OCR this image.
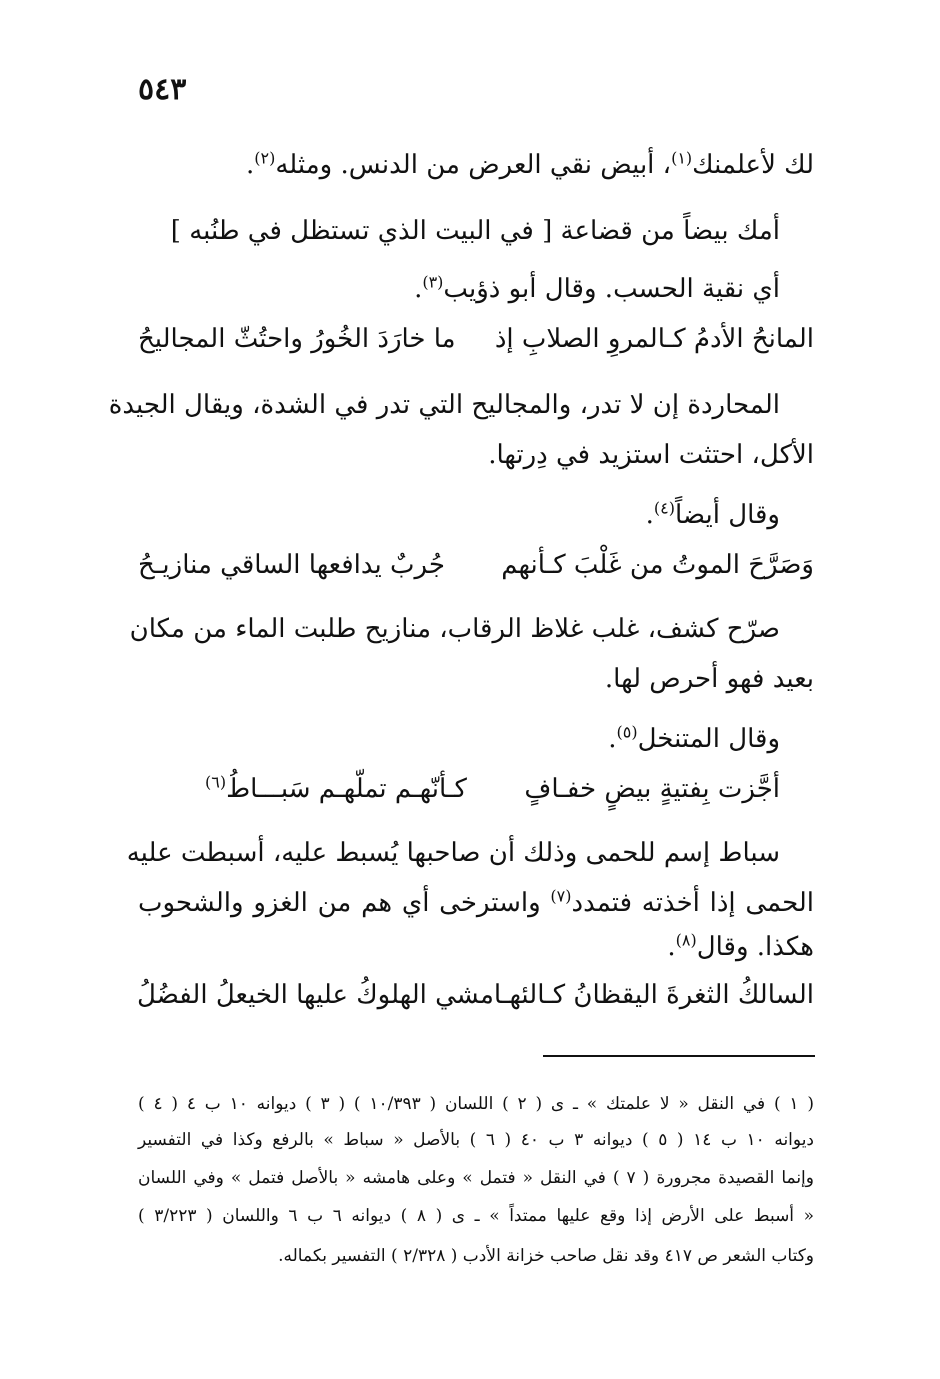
٥٤٣
لك لأعلمنك$^{(١)}$، أبيض نقي العرض من الدنس. ومثله$^{(٢)}$.
أمك بيضاً من قضاعة [ في البيت الذي تستظل في طنُبه ]
أي نقية الحسب. وقال أبو ذؤيب$^{(٣)}$.
المانحُ الأدمُ كـالمروِ الصلابِ إذ
ما خارَدَ الخُورُ واحتُثّ المجاليحُ
المحاردة إن لا تدر، والمجاليح التي تدر في الشدة، ويقال الجيدة
الأكل، احتثت استزيد في دِرتها.
وقال أيضاً$^{(٤)}$.
وَصَرَّحَ الموتُ من غَلْبَ كـأنهم
جُربٌ يدافعها الساقي منازيـحُ
صرّح كشف، غلب غلاظ الرقاب، منازيح طلبت الماء من مكان
بعيد فهو أحرص لها.
وقال المتنخل$^{(٥)}$.
أجَّزت بِفتيةٍ بيضٍ خفـافٍ
كـأنّهـم تملّهـم سَبـــاطُ$^{(٦)}$
سباط إسم للحمى وذلك أن صاحبها يُسبط عليه، أسبطت عليه
الحمى إذا أخذته فتمدد$^{(٧)}$ واسترخى أي هم من الغزو والشحوب
هكذا. وقال$^{(٨)}$.
السالكُ الثغرةَ اليقظانُ كـالئهـا
مشي الهلوكُ عليها الخيعلُ الفضُلُ
( ١ ) في النقل « لا علمتك » ـ ى ( ٢ ) اللسان ( ١٠/٣٩٣ ) ( ٣ ) ديوانه ١٠ ب ٤ ( ٤ )
ديوانه ١٠ ب ١٤ ( ٥ ) ديوانه ٣ ب ٤٠ ( ٦ ) بالأصل « سباط » بالرفع وكذا في التفسير
وإنما القصيدة مجرورة ( ٧ ) في النقل « فتمل » وعلى هامشه « بالأصل فتمل » وفي اللسان
« أسبط على الأرض إذا وقع عليها ممتداً » ـ ى ( ٨ ) ديوانه ٦ ب ٦ واللسان ( ٣/٢٢٣ )
وكتاب الشعر ص ٤١٧ وقد نقل صاحب خزانة الأدب ( ٢/٣٢٨ ) التفسير بكماله.
